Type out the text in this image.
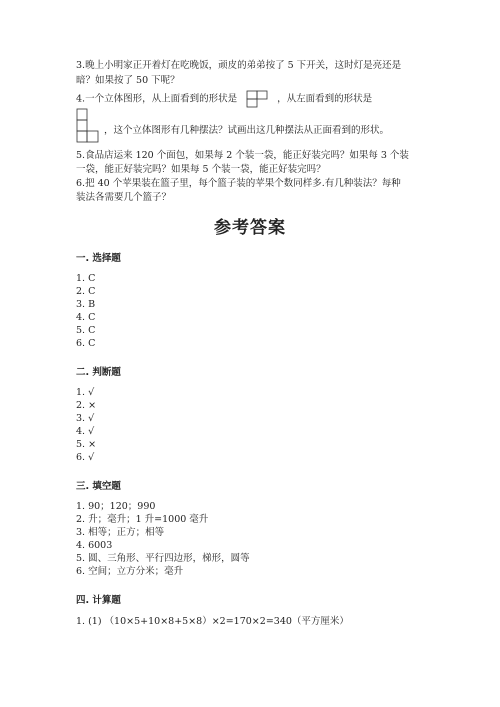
3.晚上小明家正开着灯在吃晚饭，顽皮的弟弟按了 5 下开关，这时灯是亮还是
暗？如果按了 50 下呢？
4.一个立体图形，从上面看到的形状是	，从左面看到的形状是
，这个立体图形有几种摆法？试画出这几种摆法从正面看到的形状。
5.食品店运来 120 个面包，如果每 2 个装一袋，能正好装完吗？如果每 3 个装
一袋，能正好装完吗？如果每 5 个装一袋，能正好装完吗？
6.把 40 个苹果装在篮子里，每个篮子装的苹果个数同样多.有几种装法？每种
装法各需要几个篮子？
参考答案
一. 选择题
1. C
2. C
3. B
4. C
5. C
6. C
二. 判断题
1. √
2. ×
3. √
4. √
5. ×
6. √
三. 填空题
1. 90；120；990
2. 升；毫升；1 升=1000 毫升
3. 相等；正方；相等
4. 6003
5. 圆、三角形、平行四边形，梯形，圆等
6. 空间；立方分米；毫升
四. 计算题
1. (1) （10×5+10×8+5×8）×2=170×2=340（平方厘米）
